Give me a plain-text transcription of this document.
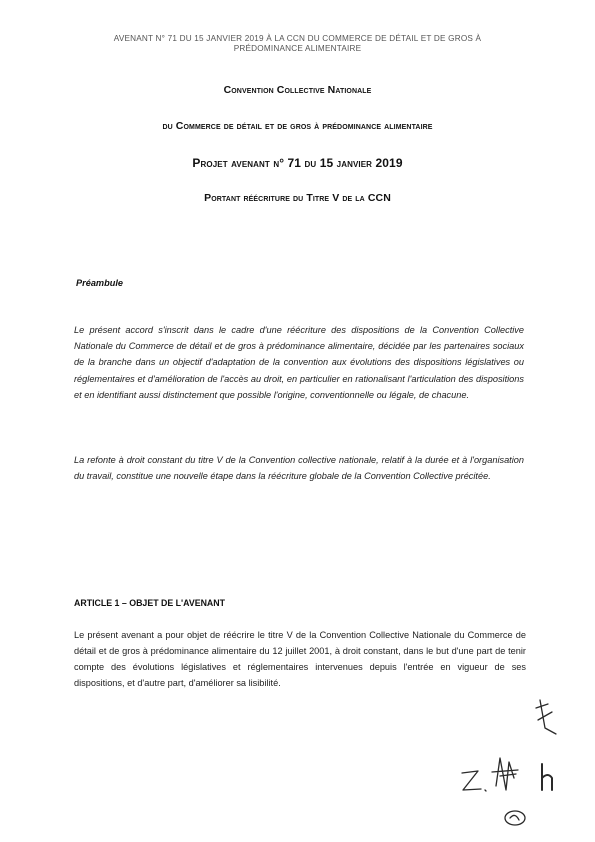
AVENANT N° 71 DU 15 JANVIER 2019 À LA CCN DU COMMERCE DE DÉTAIL ET DE GROS À
PRÉDOMINANCE ALIMENTAIRE
Convention Collective Nationale
du Commerce de détail et de gros à prédominance alimentaire
Projet avenant n° 71 du 15 janvier 2019
Portant réécriture du Titre V de la CCN
Préambule
Le présent accord s'inscrit dans le cadre d'une réécriture des dispositions de la Convention Collective Nationale du Commerce de détail et de gros à prédominance alimentaire, décidée par les partenaires sociaux de la branche dans un objectif d'adaptation de la convention aux évolutions des dispositions législatives ou réglementaires et d'amélioration de l'accès au droit, en particulier en rationalisant l'articulation des dispositions et en identifiant aussi distinctement que possible l'origine, conventionnelle ou légale, de chacune.
La refonte à droit constant du titre V de la Convention collective nationale, relatif à la durée et à l'organisation du travail, constitue une nouvelle étape dans la réécriture globale de la Convention Collective précitée.
ARTICLE 1 – OBJET DE L'AVENANT
Le présent avenant a pour objet de réécrire le titre V de la Convention Collective Nationale du Commerce de détail et de gros à prédominance alimentaire du 12 juillet 2001, à droit constant, dans le but d'une part de tenir compte des évolutions législatives et réglementaires intervenues depuis l'entrée en vigueur de ses dispositions, et d'autre part, d'améliorer sa lisibilité.
